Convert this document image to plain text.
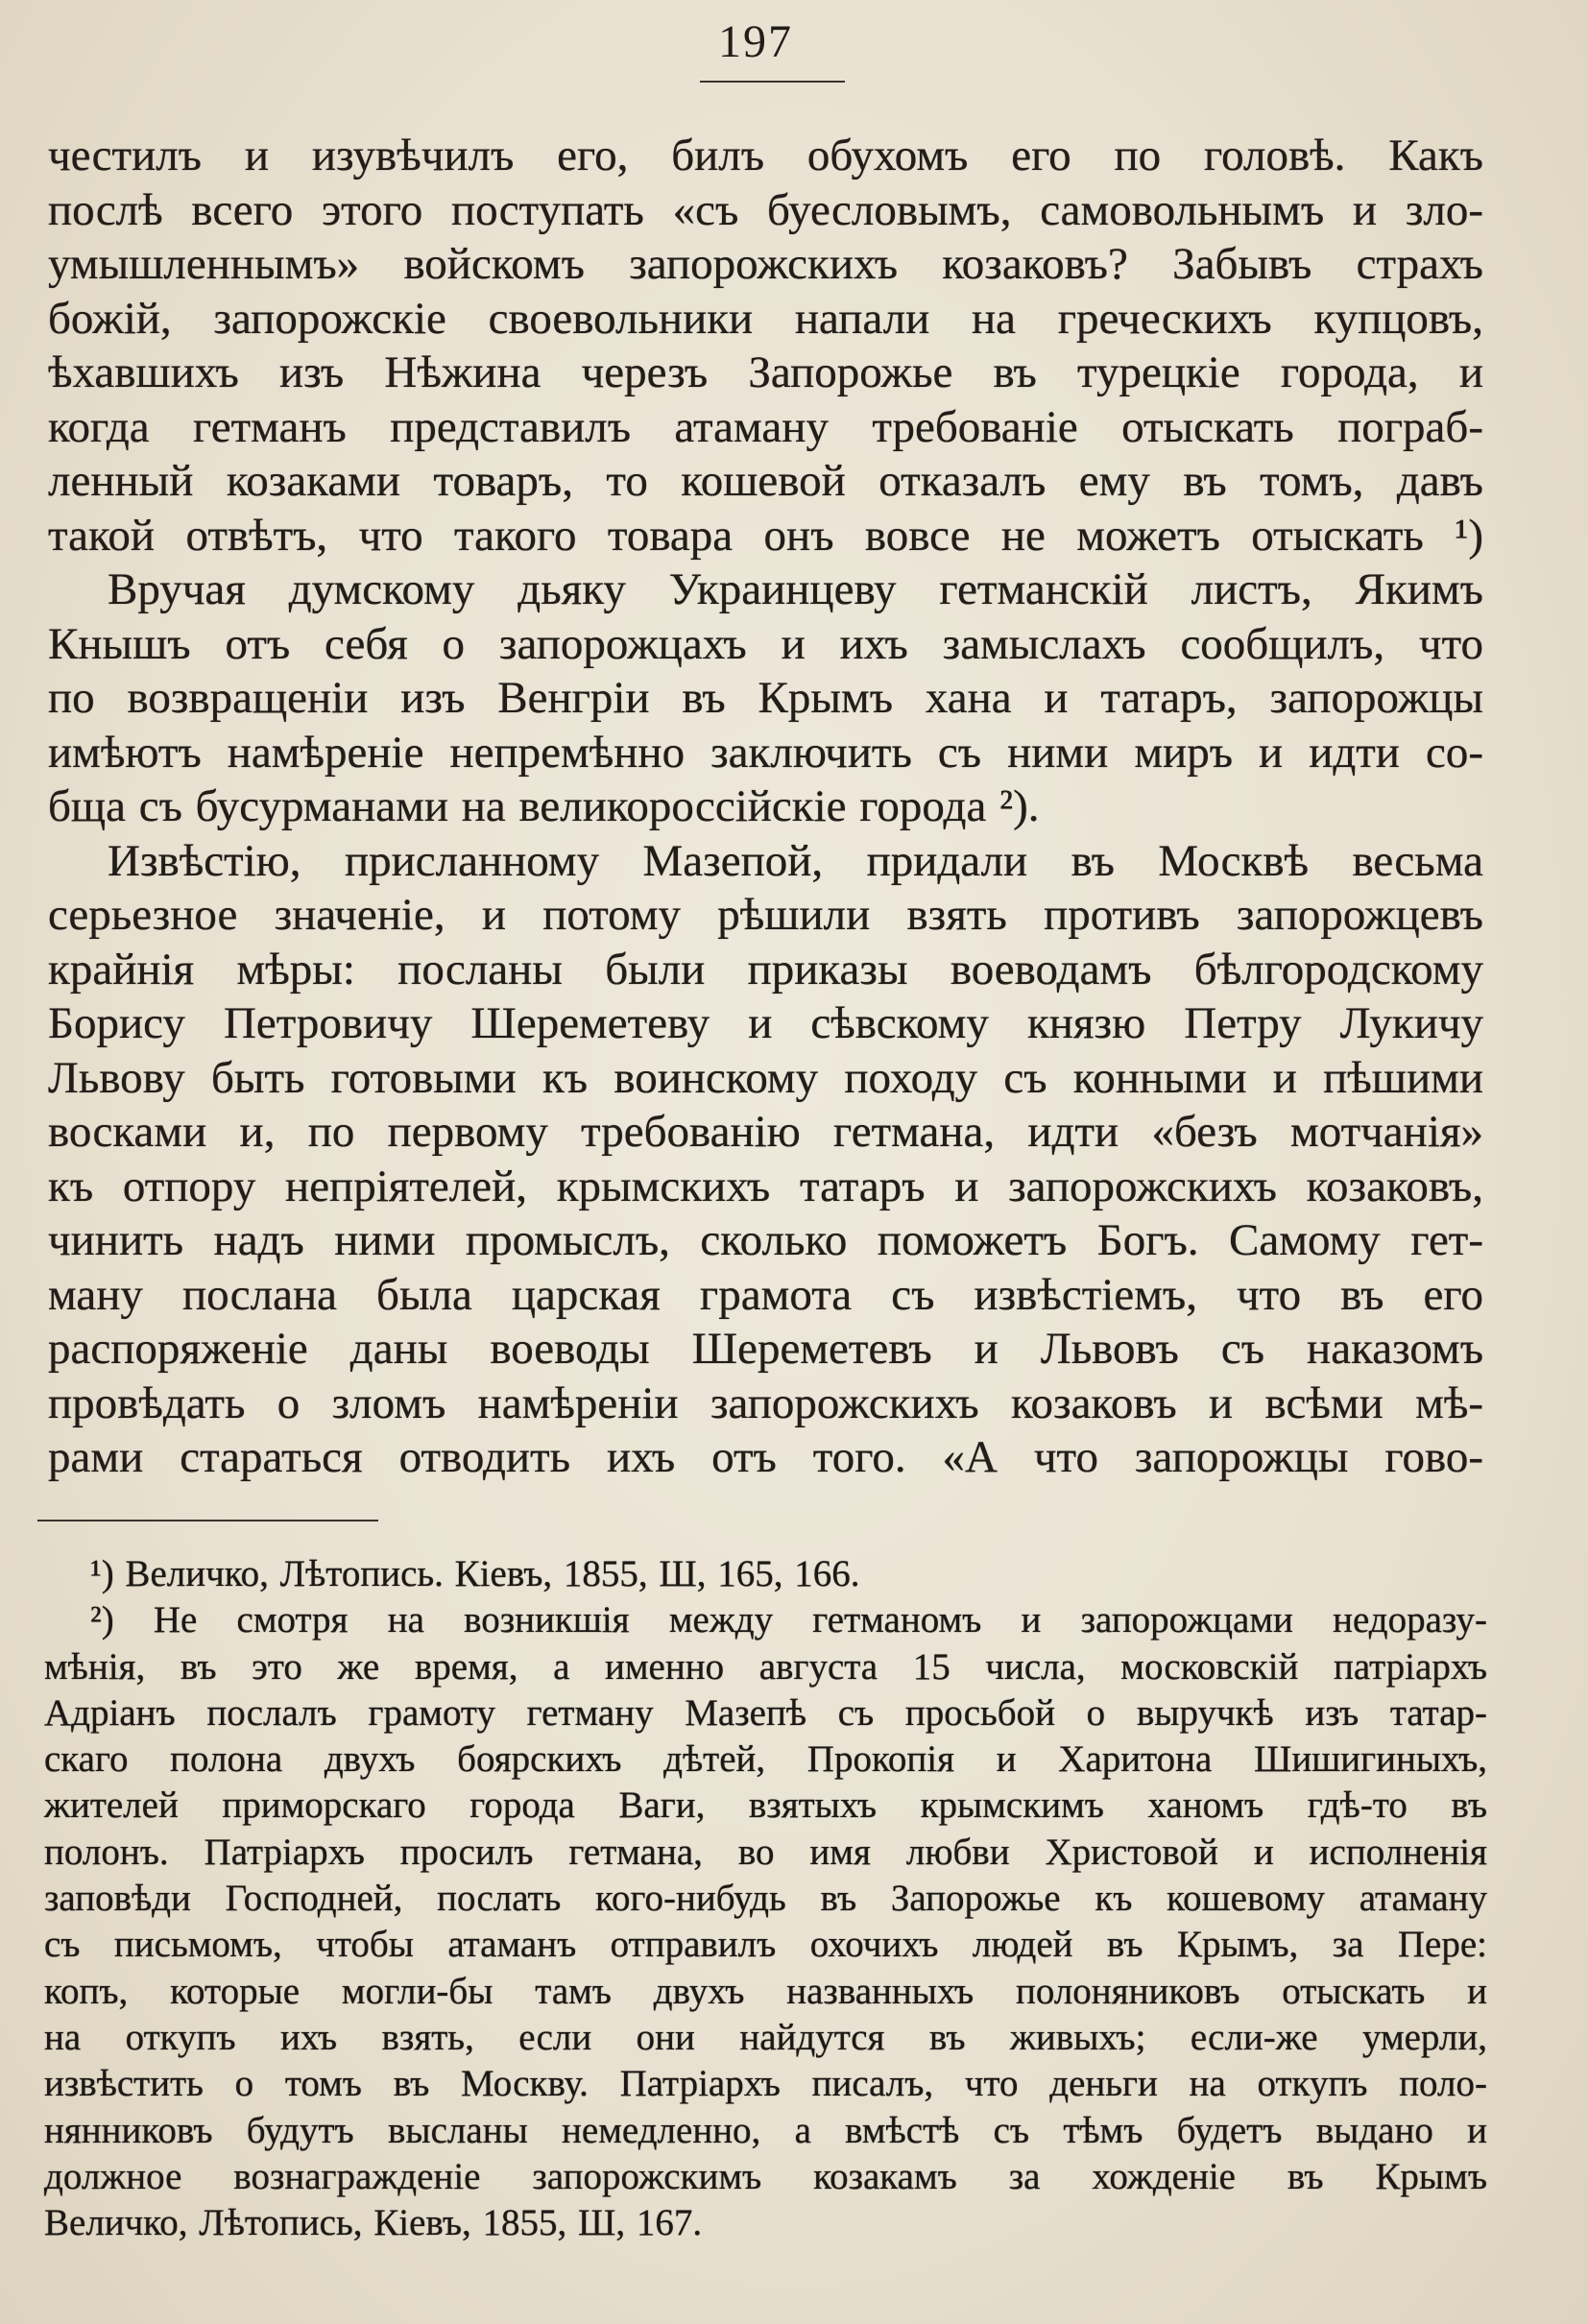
197
честилъ и изувѣчилъ его, билъ обухомъ его по головѣ. Какъ
послѣ всего этого поступать «съ буесловымъ, самовольнымъ и зло-
умышленнымъ» войскомъ запорожскихъ козаковъ? Забывъ страхъ
божій, запорожскіе своевольники напали на греческихъ купцовъ,
ѣхавшихъ изъ Нѣжина черезъ Запорожье въ турецкіе города, и
когда гетманъ представилъ атаману требованіе отыскать пограб-
ленный козаками товаръ, то кошевой отказалъ ему въ томъ, давъ
такой отвѣтъ, что такого товара онъ вовсе не можетъ отыскать ¹)
Вручая думскому дьяку Украинцеву гетманскій листъ, Якимъ
Кнышъ отъ себя о запорожцахъ и ихъ замыслахъ сообщилъ, что
по возвращеніи изъ Венгріи въ Крымъ хана и татаръ, запорожцы
имѣютъ намѣреніе непремѣнно заключить съ ними миръ и идти со-
бща съ бусурманами на великороссійскіе города ²).
Извѣстію, присланному Мазепой, придали въ Москвѣ весьма
серьезное значеніе, и потому рѣшили взять противъ запорожцевъ
крайнія мѣры: посланы были приказы воеводамъ бѣлгородскому
Борису Петровичу Шереметеву и сѣвскому князю Петру Лукичу
Львову быть готовыми къ воинскому походу съ конными и пѣшими
восками и, по первому требованію гетмана, идти «безъ мотчанія»
къ отпору непріятелей, крымскихъ татаръ и запорожскихъ козаковъ,
чинить надъ ними промыслъ, сколько поможетъ Богъ. Самому гет-
ману послана была царская грамота съ извѣстіемъ, что въ его
распоряженіе даны воеводы Шереметевъ и Львовъ съ наказомъ
провѣдать о зломъ намѣреніи запорожскихъ козаковъ и всѣми мѣ-
рами стараться отводить ихъ отъ того. «А что запорожцы гово-
¹) Величко, Лѣтопись. Кіевъ, 1855, Ш, 165, 166.
²) Не смотря на возникшія между гетманомъ и запорожцами недоразу-
мѣнія, въ это же время, а именно августа 15 числа, московскій патріархъ
Адріанъ послалъ грамоту гетману Мазепѣ съ просьбой о выручкѣ изъ татар-
скаго полона двухъ боярскихъ дѣтей, Прокопія и Харитона Шишигиныхъ,
жителей приморскаго города Ваги, взятыхъ крымскимъ ханомъ гдѣ-то въ
полонъ. Патріархъ просилъ гетмана, во имя любви Христовой и исполненія
заповѣди Господней, послать кого-нибудь въ Запорожье къ кошевому атаману
съ письмомъ, чтобы атаманъ отправилъ охочихъ людей въ Крымъ, за Пере:
копъ, которые могли-бы тамъ двухъ названныхъ полоняниковъ отыскать и
на откупъ ихъ взять, если они найдутся въ живыхъ; если-же умерли,
извѣстить о томъ въ Москву. Патріархъ писалъ, что деньги на откупъ поло-
нянниковъ будутъ высланы немедленно, а вмѣстѣ съ тѣмъ будетъ выдано и
должное вознагражденіе запорожскимъ козакамъ за хожденіе въ Крымъ
Величко, Лѣтопись, Кіевъ, 1855, Ш, 167.
